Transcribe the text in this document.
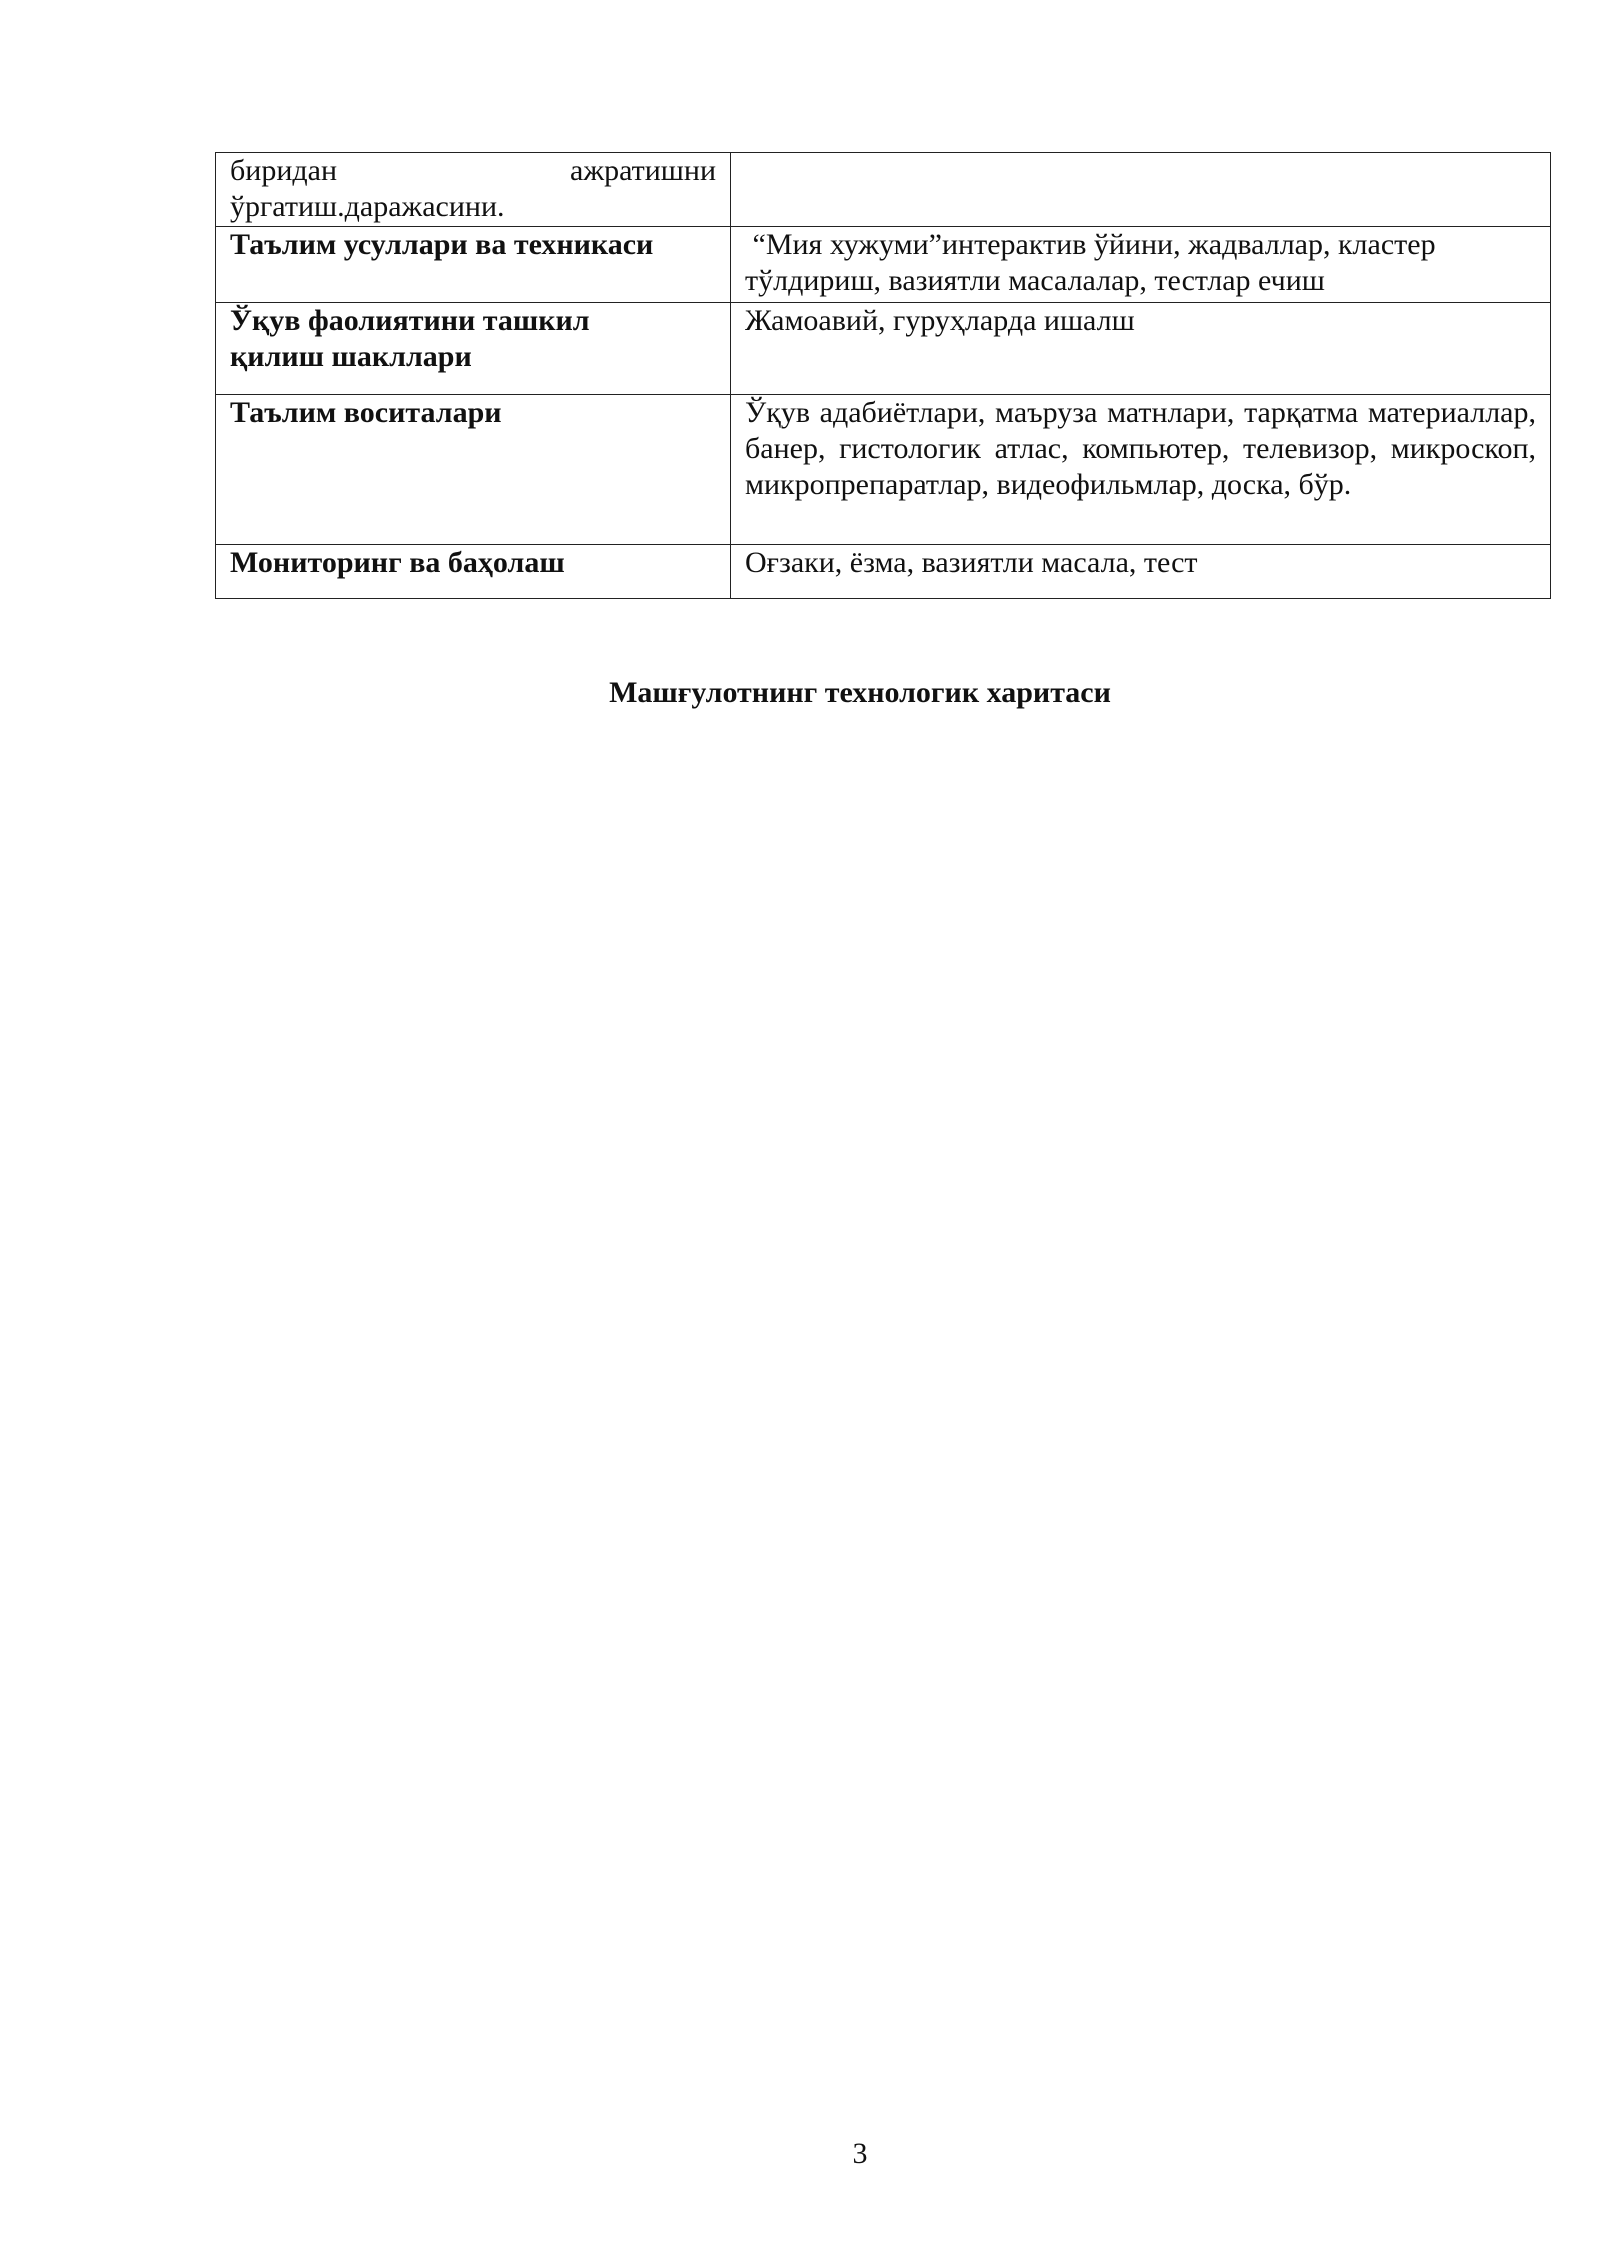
биридан ажратишни
ўргатиш.даражасини.	

Таълим усуллари ва техникаси	“Мия хужуми”интерактив ўйини, жадваллар, кластер
тўлдириш, вазиятли масалалар, тестлар ечиш

Ўқув фаолиятини ташкил
қилиш шакллари	Жамоавий, гуруҳларда ишалш
Таълим воситалари	Ўқув адабиётлари, маъруза матнлари, тарқатма материаллар, банер, гистологик атлас, компьютер, телевизор, микроскоп, микропрепаратлар, видеофильмлар, доска, бўр.
Мониторинг ва баҳолаш	Оғзаки, ёзма, вазиятли масала, тест
Машғулотнинг технологик харитаси
3
